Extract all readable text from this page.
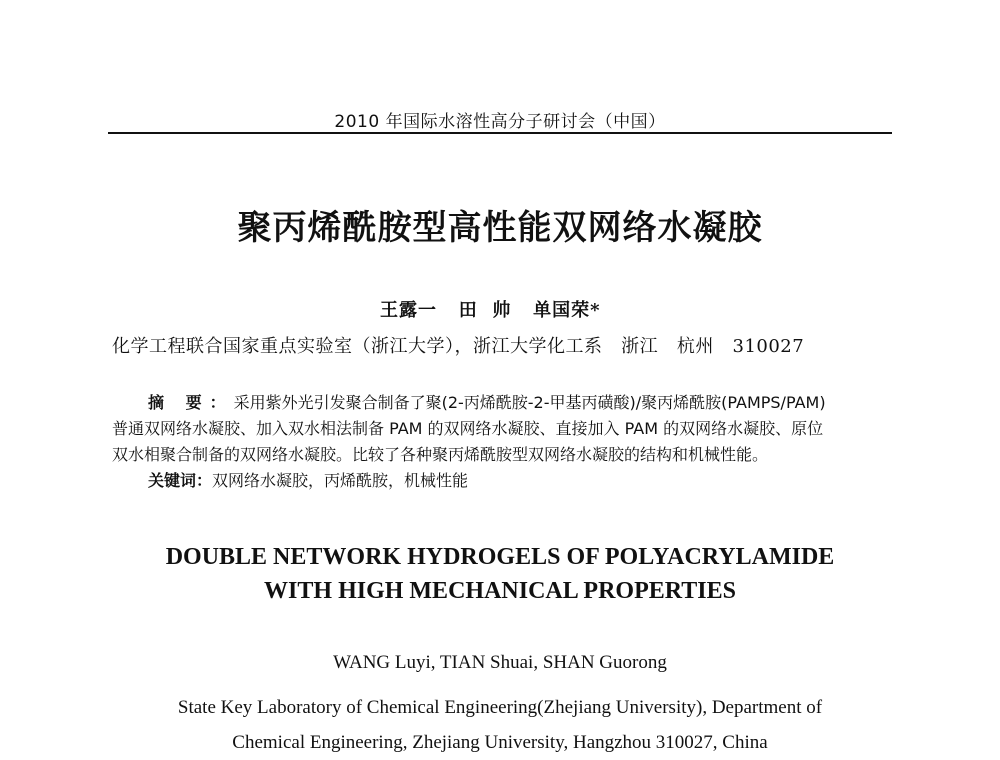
2010 年国际水溶性高分子研讨会（中国）
聚丙烯酰胺型高性能双网络水凝胶
王露一   田  帅   单国荣*
化学工程联合国家重点实验室（浙江大学），浙江大学化工系   浙江   杭州   310027
摘 要：采用紫外光引发聚合制备了聚(2-丙烯酰胺-2-甲基丙磺酸)/聚丙烯酰胺(PAMPS/PAM)
普通双网络水凝胶、加入双水相法制备 PAM 的双网络水凝胶、直接加入 PAM 的双网络水凝胶、原位
双水相聚合制备的双网络水凝胶。比较了各种聚丙烯酰胺型双网络水凝胶的结构和机械性能。
关键词：双网络水凝胶，丙烯酰胺，机械性能
DOUBLE NETWORK HYDROGELS OF POLYACRYLAMIDE
WITH HIGH MECHANICAL PROPERTIES
WANG Luyi, TIAN Shuai, SHAN Guorong
State Key Laboratory of Chemical Engineering(Zhejiang University), Department of
Chemical Engineering, Zhejiang University, Hangzhou 310027, China
